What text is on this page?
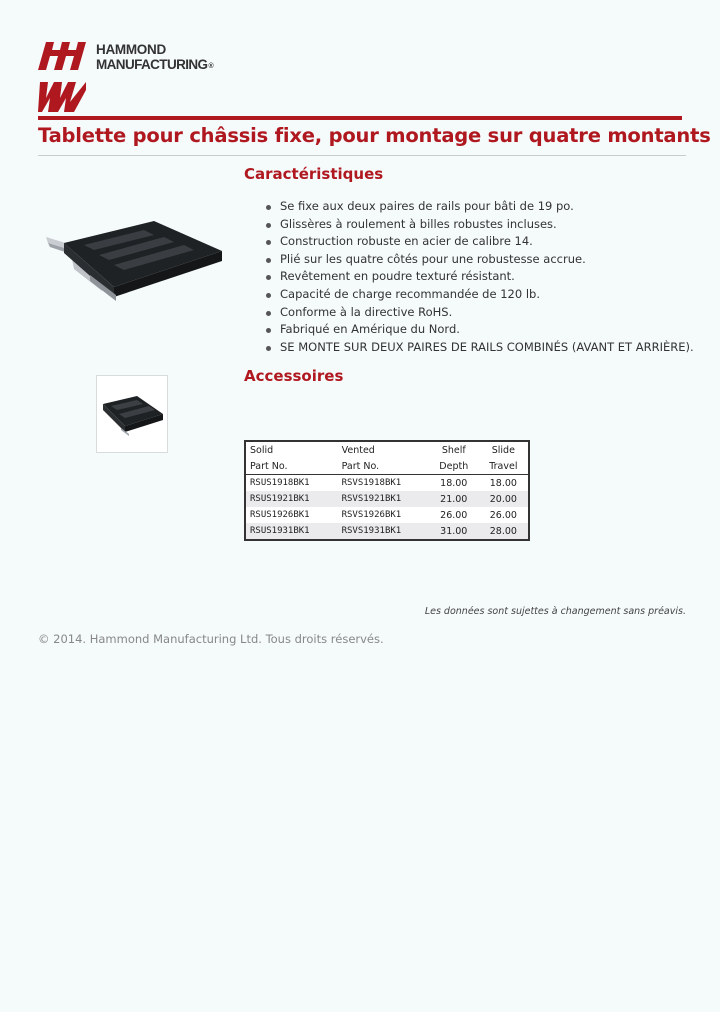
HAMMOND
MANUFACTURING®
Tablette pour châssis fixe, pour montage sur quatre montants
Caractéristiques
Se fixe aux deux paires de rails pour bâti de 19 po.
Glissères à roulement à billes robustes incluses.
Construction robuste en acier de calibre 14.
Plié sur les quatre côtés pour une robustesse accrue.
Revêtement en poudre texturé résistant.
Capacité de charge recommandée de 120 lb.
Conforme à la directive RoHS.
Fabriqué en Amérique du Nord.
SE MONTE SUR DEUX PAIRES DE RAILS COMBINÉS (AVANT ET ARRIÈRE).
Accessoires
Solid	Vented	Shelf	Slide
Part No.	Part No.	Depth	Travel
RSUS1918BK1	RSVS1918BK1	18.00	18.00
RSUS1921BK1	RSVS1921BK1	21.00	20.00
RSUS1926BK1	RSVS1926BK1	26.00	26.00
RSUS1931BK1	RSVS1931BK1	31.00	28.00
Les données sont sujettes à changement sans préavis.
© 2014. Hammond Manufacturing Ltd. Tous droits réservés.
